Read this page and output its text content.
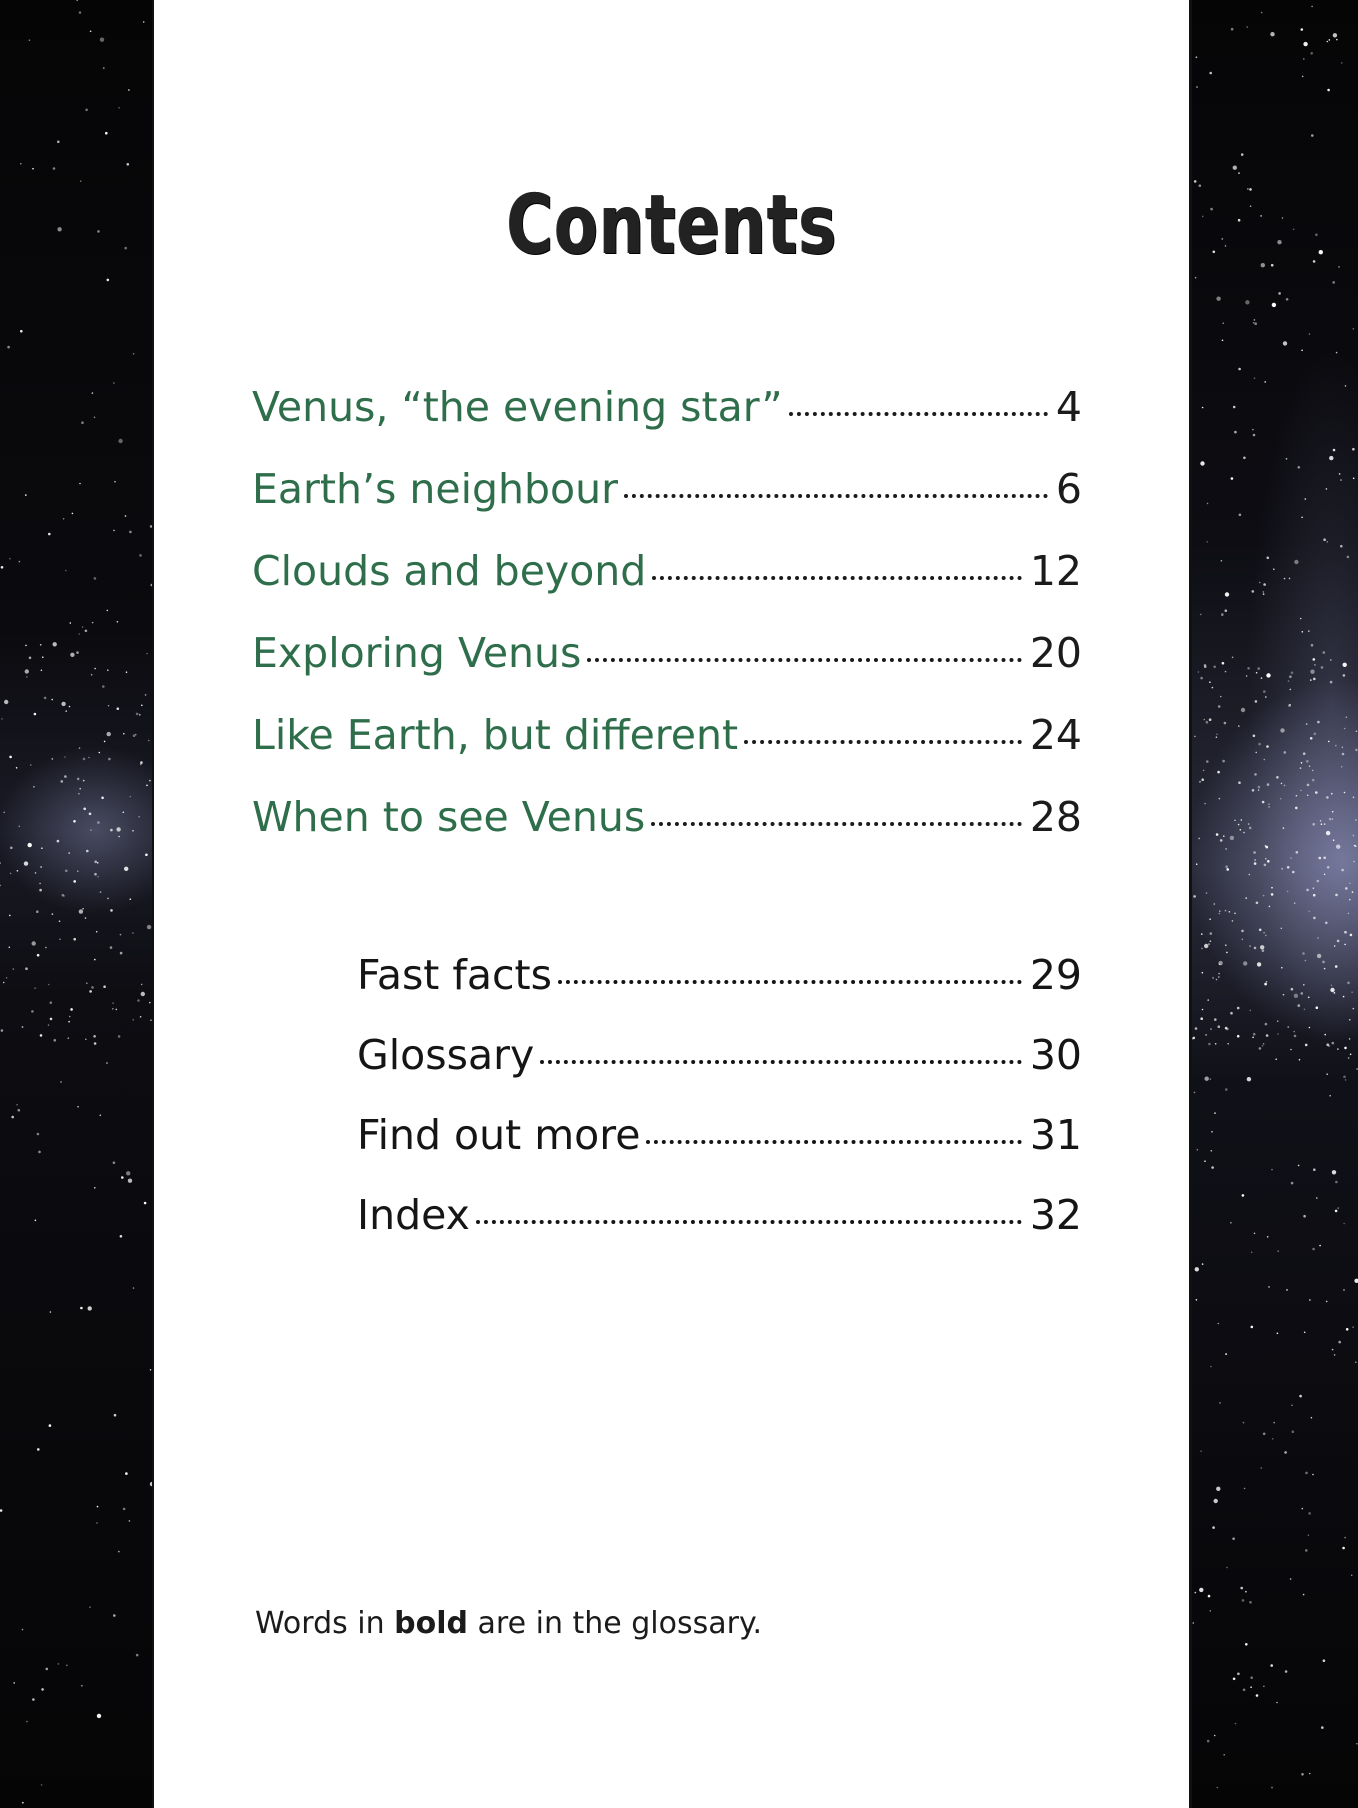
Contents
Venus, “the evening star”	4
Earth’s neighbour	6
Clouds and beyond	12
Exploring Venus	20
Like Earth, but different	24
When to see Venus	28
Fast facts	29
Glossary	30
Find out more	31
Index	32
Words in bold are in the glossary.
